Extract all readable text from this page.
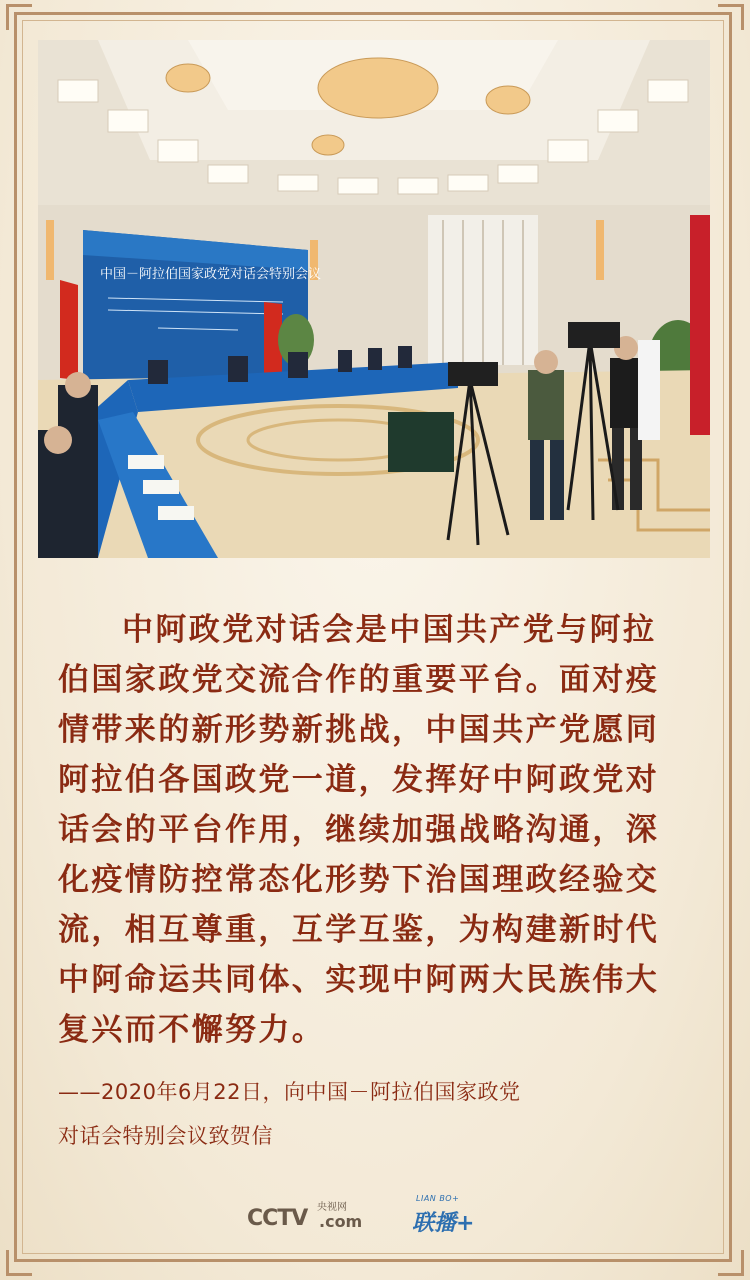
中国－阿拉伯国家政党对话会特别会议

中阿政党对话会是中国共产党与阿拉伯国家政党交流合作的重要平台。面对疫情带来的新形势新挑战，中国共产党愿同阿拉伯各国政党一道，发挥好中阿政党对话会的平台作用，继续加强战略沟通，深化疫情防控常态化形势下治国理政经验交流，相互尊重，互学互鉴，为构建新时代中阿命运共同体、实现中阿两大民族伟大复兴而不懈努力。

——2020年6月22日，向中国－阿拉伯国家政党
对话会特别会议致贺信
CCTV 央视网
.com
LIAN BO+
联播+
